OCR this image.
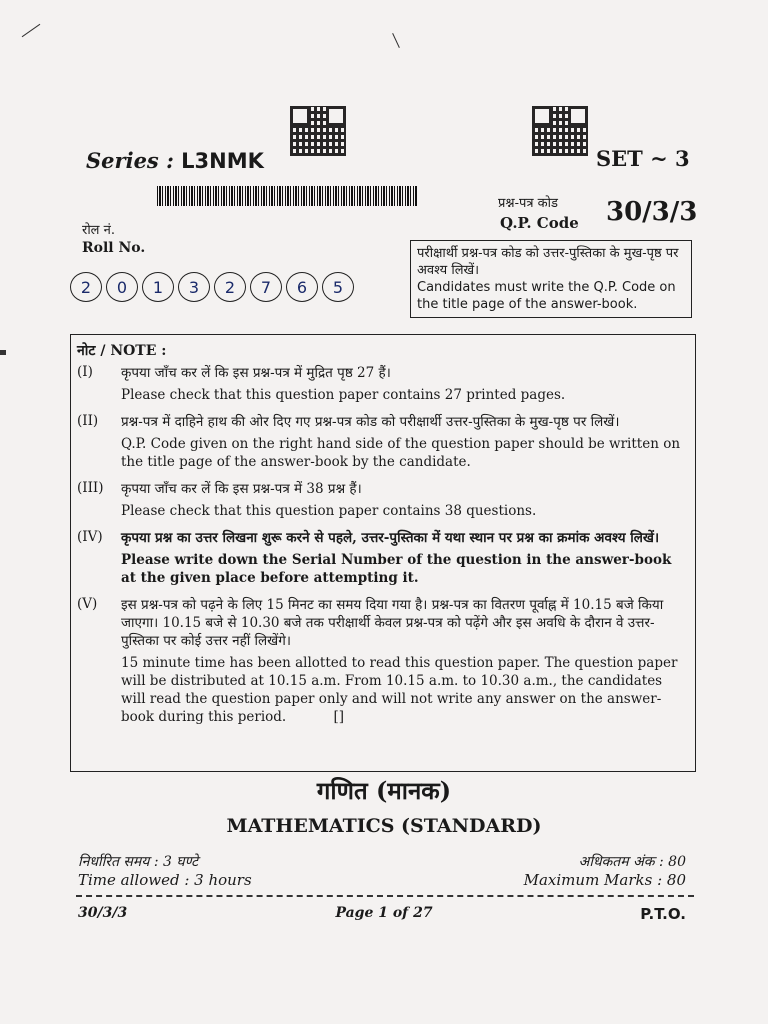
Series : L3NMK	SET ~ 3
प्रश्न-पत्र कोड
Q.P. Code 30/3/3
रोल नं.
Roll No.
2	0	1	3	2	7	6	5
परीक्षार्थी प्रश्न-पत्र कोड को उत्तर-पुस्तिका के मुख-पृष्ठ पर अवश्य लिखें।
Candidates must write the Q.P. Code on the title page of the answer-book.
नोट / NOTE :
(I)	कृपया जाँच कर लें कि इस प्रश्न-पत्र में मुद्रित पृष्ठ 27 हैं।

Please check that this question paper contains 27 printed pages.

(II)	प्रश्न-पत्र में दाहिने हाथ की ओर दिए गए प्रश्न-पत्र कोड को परीक्षार्थी उत्तर-पुस्तिका के मुख-पृष्ठ पर लिखें।

Q.P. Code given on the right hand side of the question paper should be written on the title page of the answer-book by the candidate.

(III)	कृपया जाँच कर लें कि इस प्रश्न-पत्र में 38 प्रश्न हैं।

Please check that this question paper contains 38 questions.

(IV)	कृपया प्रश्न का उत्तर लिखना शुरू करने से पहले, उत्तर-पुस्तिका में यथा स्थान पर प्रश्न का क्रमांक अवश्य लिखें।

Please write down the Serial Number of the question in the answer-book at the given place before attempting it.

(V)	इस प्रश्न-पत्र को पढ़ने के लिए 15 मिनट का समय दिया गया है। प्रश्न-पत्र का वितरण पूर्वाह्न में 10.15 बजे किया जाएगा। 10.15 बजे से 10.30 बजे तक परीक्षार्थी केवल प्रश्न-पत्र को पढ़ेंगे और इस अवधि के दौरान वे उत्तर-पुस्तिका पर कोई उत्तर नहीं लिखेंगे।

15 minute time has been allotted to read this question paper. The question paper will be distributed at 10.15 a.m. From 10.15 a.m. to 10.30 a.m., the candidates will read the question paper only and will not write any answer on the answer-book during this period.	[]

गणित (मानक)
MATHEMATICS (STANDARD)
निर्धारित समय : 3 घण्टे
Time allowed : 3 hours
अधिकतम अंक : 80
Maximum Marks : 80
30/3/3	Page 1 of 27	P.T.O.
